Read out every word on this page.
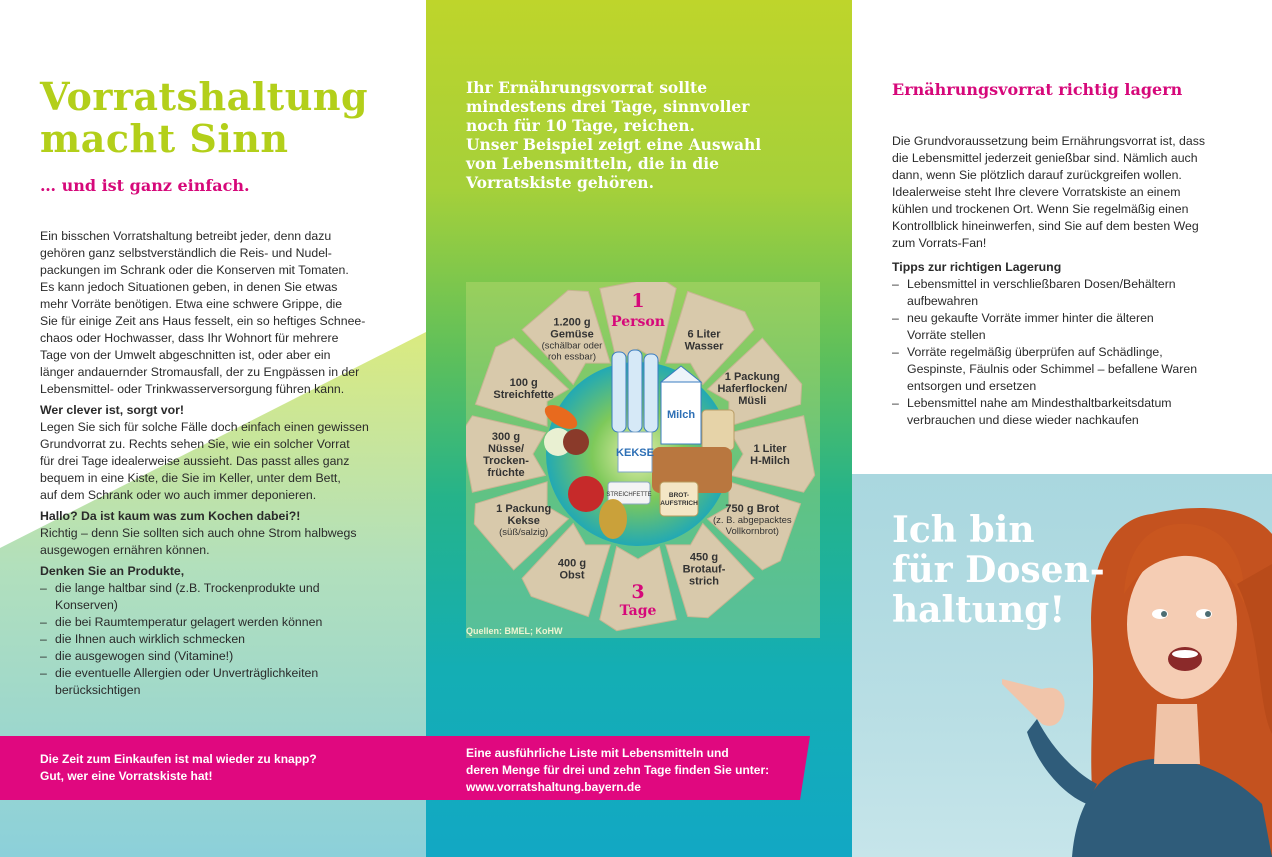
Vorratshaltung
macht Sinn
… und ist ganz einfach.
Ein bisschen Vorratshaltung betreibt jeder, denn dazu
gehören ganz selbstverständlich die Reis- und Nudel-
packungen im Schrank oder die Konserven mit Tomaten.
Es kann jedoch Situationen geben, in denen Sie etwas
mehr Vorräte benötigen. Etwa eine schwere Grippe, die
Sie für einige Zeit ans Haus fesselt, ein so heftiges Schnee-
chaos oder Hochwasser, dass Ihr Wohnort für mehrere
Tage von der Umwelt abgeschnitten ist, oder aber ein
länger andauernder Stromausfall, der zu Engpässen in der
Lebensmittel- oder Trinkwasserversorgung führen kann.
Wer clever ist, sorgt vor!
Legen Sie sich für solche Fälle doch einfach einen gewissen
Grundvorrat zu. Rechts sehen Sie, wie ein solcher Vorrat
für drei Tage idealerweise aussieht. Das passt alles ganz
bequem in eine Kiste, die Sie im Keller, unter dem Bett,
auf dem Schrank oder wo auch immer deponieren.
Hallo? Da ist kaum was zum Kochen dabei?!
Richtig – denn Sie sollten sich auch ohne Strom halbwegs
ausgewogen ernähren können.
Denken Sie an Produkte,
– die lange haltbar sind (z.B. Trockenprodukte und
Konserven)
– die bei Raumtemperatur gelagert werden können
– die Ihnen auch wirklich schmecken
– die ausgewogen sind (Vitamine!)
– die eventuelle Allergien oder Unverträglichkeiten
berücksichtigen
Ihr Ernährungsvorrat sollte
mindestens drei Tage, sinnvoller
noch für 10 Tage, reichen.
Unser Beispiel zeigt eine Auswahl
von Lebensmitteln, die in die
Vorratskiste gehören.
Quellen: BMEL; KoHW
Milch
KEKSE
STREICHFETTE	BROT-
AUFSTRICH
1
Person
3
Tage
6 Liter
Wasser
1 Packung
Haferflocken/
Müsli
1 Liter
H-Milch
750 g Brot
(z. B. abgepacktes
Vollkornbrot)
450 g
Brotauf-
strich
400 g
Obst
1 Packung
Kekse
(süß/salzig)
300 g
Nüsse/
Trocken-
früchte
100 g
Streichfette
1.200 g
Gemüse
(schälbar oder
roh essbar)
Ernährungsvorrat richtig lagern
Die Grundvoraussetzung beim Ernährungsvorrat ist, dass
die Lebensmittel jederzeit genießbar sind. Nämlich auch
dann, wenn Sie plötzlich darauf zurückgreifen wollen.
Idealerweise steht Ihre clevere Vorratskiste an einem
kühlen und trockenen Ort. Wenn Sie regelmäßig einen
Kontrollblick hineinwerfen, sind Sie auf dem besten Weg
zum Vorrats-Fan!
Tipps zur richtigen Lagerung
– Lebensmittel in verschließbaren Dosen/Behältern
aufbewahren
– neu gekaufte Vorräte immer hinter die älteren
Vorräte stellen
– Vorräte regelmäßig überprüfen auf Schädlinge,
Gespinste, Fäulnis oder Schimmel – befallene Waren
entsorgen und ersetzen
– Lebensmittel nahe am Mindesthaltbarkeitsdatum
verbrauchen und diese wieder nachkaufen
Ich bin
für Dosen-
haltung!
Die Zeit zum Einkaufen ist mal wieder zu knapp?
Gut, wer eine Vorratskiste hat!
Eine ausführliche Liste mit Lebensmitteln und
deren Menge für drei und zehn Tage finden Sie unter:
www.vorratshaltung.bayern.de
